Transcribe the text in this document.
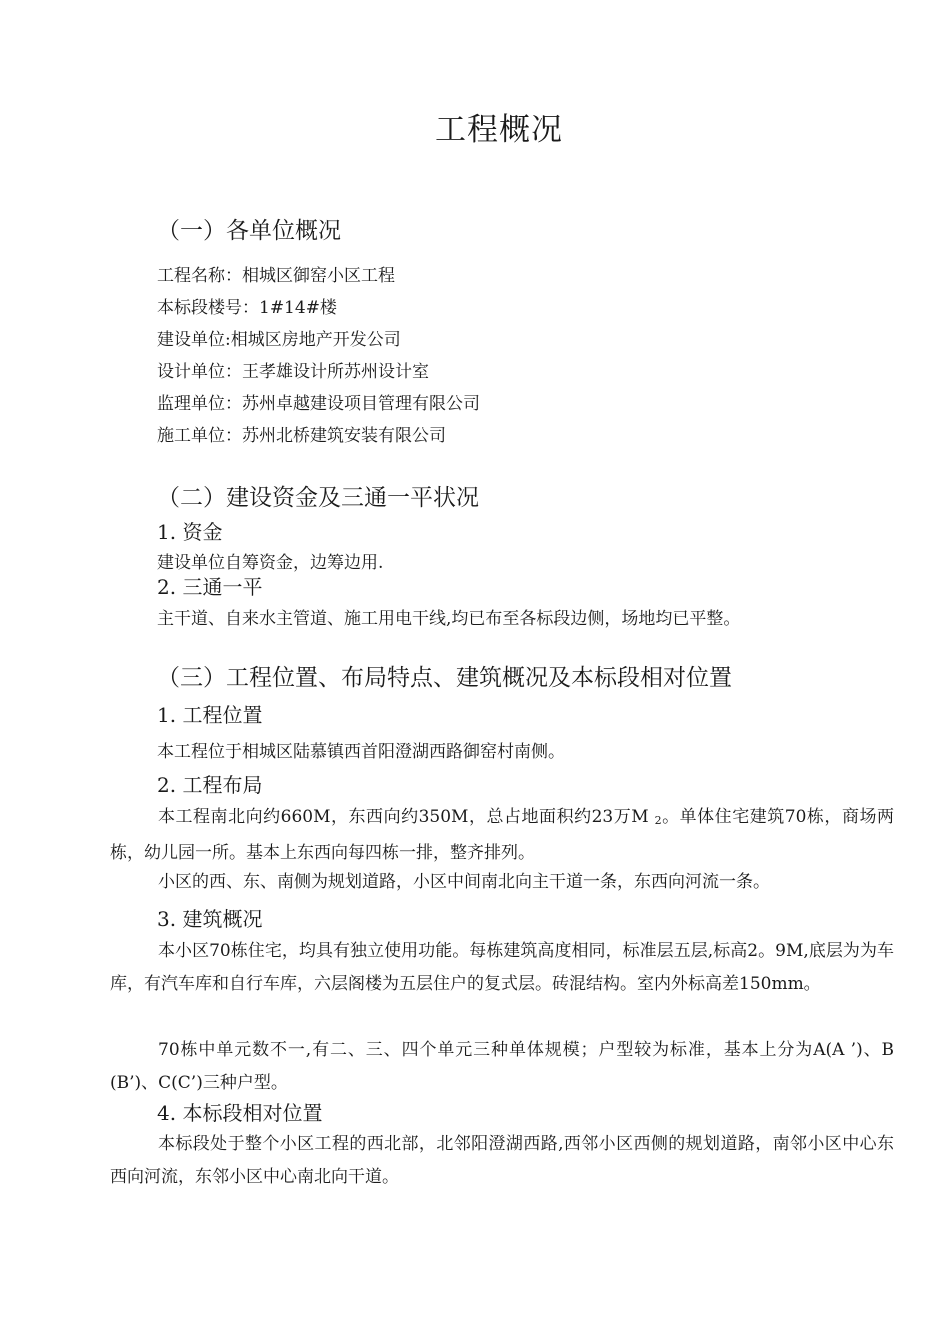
工程概况
（一）各单位概况
工程名称：相城区御窑小区工程
本标段楼号：1#14#楼
建设单位:相城区房地产开发公司
设计单位：王孝雄设计所苏州设计室
监理单位：苏州卓越建设项目管理有限公司
施工单位：苏州北桥建筑安装有限公司
（二）建设资金及三通一平状况
1. 资金
建设单位自筹资金，边筹边用.
2. 三通一平
主干道、自来水主管道、施工用电干线,均已布至各标段边侧，场地均已平整。
（三）工程位置、布局特点、建筑概况及本标段相对位置
1. 工程位置
本工程位于相城区陆慕镇西首阳澄湖西路御窑村南侧。
2. 工程布局
本工程南北向约660M，东西向约350M，总占地面积约23万M 2。单体住宅建筑70栋，商场两栋，幼儿园一所。基本上东西向每四栋一排，整齐排列。
小区的西、东、南侧为规划道路，小区中间南北向主干道一条，东西向河流一条。
3. 建筑概况
本小区70栋住宅，均具有独立使用功能。每栋建筑高度相同，标准层五层,标高2。9M,底层为为车库，有汽车库和自行车库，六层阁楼为五层住户的复式层。砖混结构。室内外标高差150mm。
70栋中单元数不一,有二、三、四个单元三种单体规模；户型较为标准，基本上分为A(A ’)、B (B’)、C(C’)三种户型。
4. 本标段相对位置
本标段处于整个小区工程的西北部，北邻阳澄湖西路,西邻小区西侧的规划道路，南邻小区中心东西向河流，东邻小区中心南北向干道。
